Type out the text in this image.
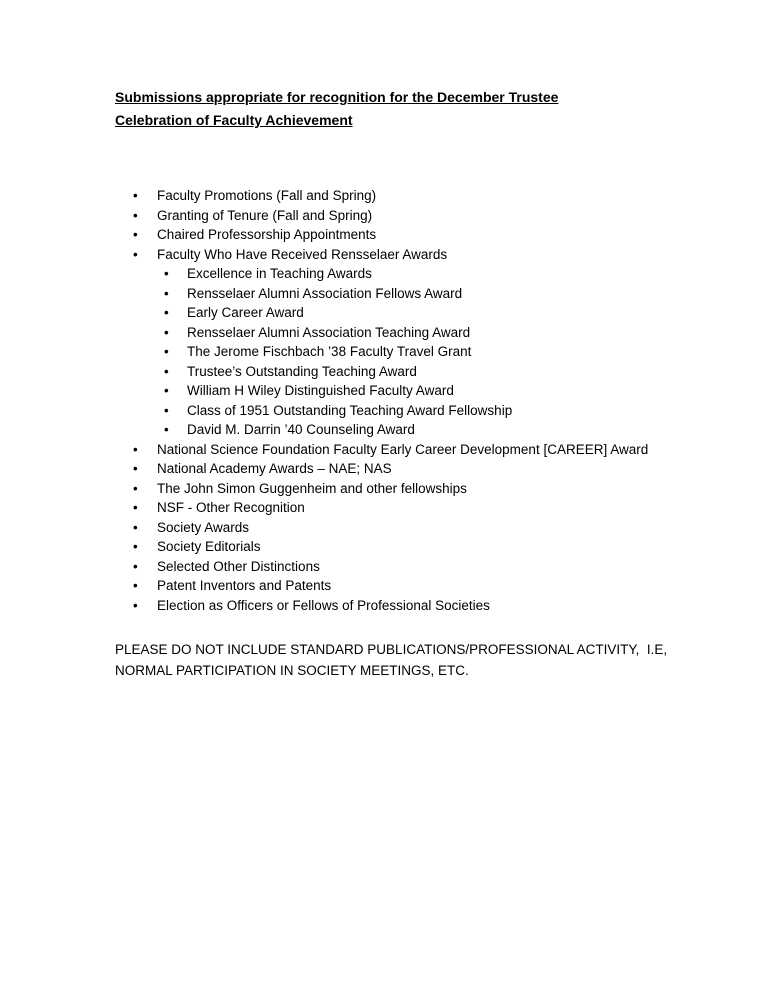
Submissions appropriate for recognition for the December Trustee Celebration of Faculty Achievement
•	Faculty Promotions (Fall and Spring)
•	Granting of Tenure (Fall and Spring)
•	Chaired Professorship Appointments
•	Faculty Who Have Received Rensselaer Awards
•	Excellence in Teaching Awards
•	Rensselaer Alumni Association Fellows Award
•	Early Career Award
•	Rensselaer Alumni Association Teaching Award
•	The Jerome Fischbach ’38 Faculty Travel Grant
•	Trustee’s Outstanding Teaching Award
•	William H Wiley Distinguished Faculty Award
•	Class of 1951 Outstanding Teaching Award Fellowship
•	David M. Darrin ’40 Counseling Award
•	National Science Foundation Faculty Early Career Development [CAREER] Award
•	National Academy Awards – NAE; NAS
•	The John Simon Guggenheim and other fellowships
•	NSF - Other Recognition
•	Society Awards
•	Society Editorials
•	Selected Other Distinctions
•	Patent Inventors and Patents
•	Election as Officers or Fellows of Professional Societies

PLEASE DO NOT INCLUDE STANDARD PUBLICATIONS/PROFESSIONAL ACTIVITY,  I.E, NORMAL PARTICIPATION IN SOCIETY MEETINGS, ETC.
